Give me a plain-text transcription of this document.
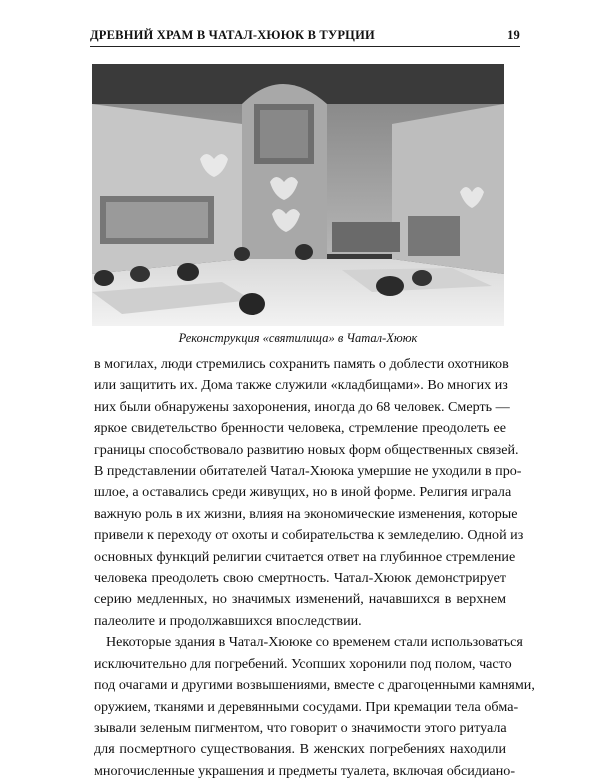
ДРЕВНИЙ ХРАМ В ЧАТАЛ-ХЮЮК В ТУРЦИИ	19
Реконструкция «святилища» в Чатал-Хююк

в могилах, люди стремились сохранить память о доблести охотников
или защитить их. Дома также служили «кладбищами». Во многих из
них были обнаружены захоронения, иногда до 68 человек. Смерть —
яркое свидетельство бренности человека, стремление преодолеть ее
границы способствовало развитию новых форм общественных связей.
В представлении обитателей Чатал-Хююка умершие не уходили в про-
шлое, а оставались среди живущих, но в иной форме. Религия играла
важную роль в их жизни, влияя на экономические изменения, которые
привели к переходу от охоты и собирательства к земледелию. Одной из
основных функций религии считается ответ на глубинное стремление
человека преодолеть свою смертность. Чатал-Хююк демонстрирует
серию медленных, но значимых изменений, начавшихся в верхнем
палеолите и продолжавшихся впоследствии.

Некоторые здания в Чатал-Хююке со временем стали использоваться
исключительно для погребений. Усопших хоронили под полом, часто
под очагами и другими возвышениями, вместе с драгоценными камнями,
оружием, тканями и деревянными сосудами. При кремации тела обма-
зывали зеленым пигментом, что говорит о значимости этого ритуала
для посмертного существования. В женских погребениях находили
многочисленные украшения и предметы туалета, включая обсидиано-
